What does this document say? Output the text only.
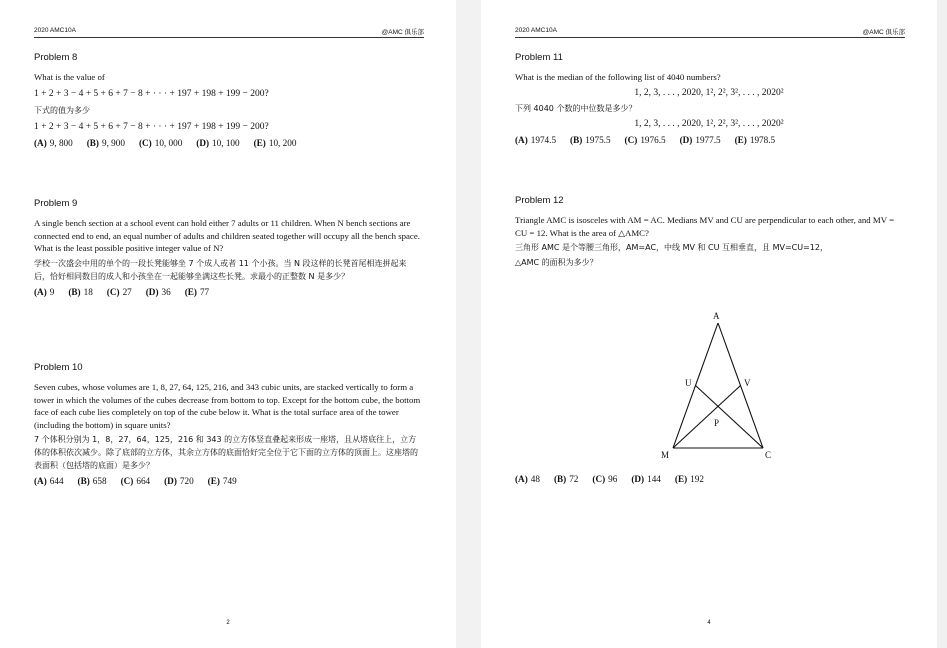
2020 AMC10A	@AMC 俱乐部
Problem 8

What is the value of

1 + 2 + 3 − 4 + 5 + 6 + 7 − 8 + · · · + 197 + 198 + 199 − 200?

下式的值为多少

1 + 2 + 3 − 4 + 5 + 6 + 7 − 8 + · · · + 197 + 198 + 199 − 200?

(A) 9, 800 (B) 9, 900 (C) 10, 000 (D) 10, 100 (E) 10, 200
Problem 9

A single bench section at a school event can hold either 7 adults or 11 children. When N bench sections are connected end to end, an equal number of adults and children seated together will occupy all the bench space. What is the least possible positive integer value of N?

学校一次盛会中用的单个的一段长凳能够坐 7 个成人或者 11 个小孩。当 N 段这样的长凳首尾相连拼起来后，恰好相同数目的成人和小孩坐在一起能够坐满这些长凳。求最小的正整数 N 是多少？

(A) 9 (B) 18 (C) 27 (D) 36 (E) 77
Problem 10

Seven cubes, whose volumes are 1, 8, 27, 64, 125, 216, and 343 cubic units, are stacked vertically to form a tower in which the volumes of the cubes decrease from bottom to top. Except for the bottom cube, the bottom face of each cube lies completely on top of the cube below it. What is the total surface area of the tower (including the bottom) in square units?

7 个体积分别为 1，8，27，64，125，216 和 343 的立方体竖直叠起来形成一座塔，且从塔底往上，立方体的体积依次减少。除了底部的立方体，其余立方体的底面恰好完全位于它下面的立方体的顶面上。这座塔的表面积（包括塔的底面）是多少？

(A) 644 (B) 658 (C) 664 (D) 720 (E) 749
2
2020 AMC10A	@AMC 俱乐部
Problem 11

What is the median of the following list of 4040 numbers?

1, 2, 3, . . . , 2020, 1², 2², 3², . . . , 2020²

下列 4040 个数的中位数是多少？

1, 2, 3, . . . , 2020, 1², 2², 3², . . . , 2020²

(A) 1974.5 (B) 1975.5 (C) 1976.5 (D) 1977.5 (E) 1978.5
Problem 12

Triangle AMC is isosceles with AM = AC. Medians MV and CU are perpendicular to each other, and MV = CU = 12. What is the area of △AMC?

三角形 AMC 是个等腰三角形，AM=AC，中线 MV 和 CU 互相垂直，且 MV=CU=12，

△AMC 的面积为多少？

A
U	V
P
M	C
(A) 48 (B) 72 (C) 96 (D) 144 (E) 192
4
